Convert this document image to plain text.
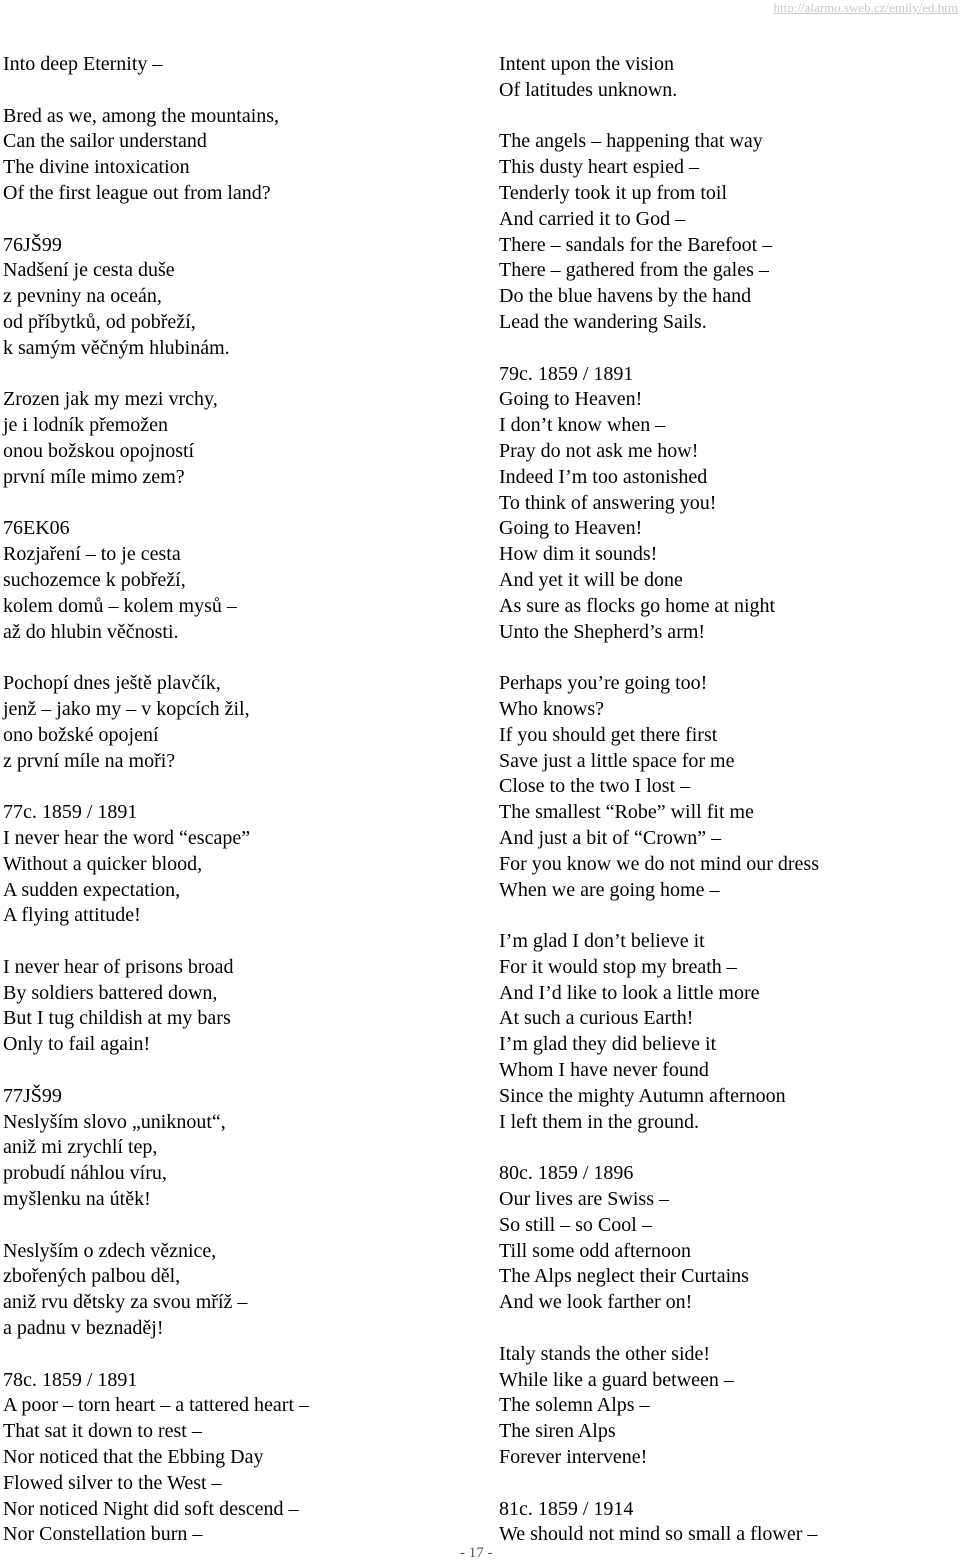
http://alarmo.sweb.cz/emily/ed.htm
Into deep Eternity –
Bred as we, among the mountains,
Can the sailor understand
The divine intoxication
Of the first league out from land?
76JŠ99
Nadšení je cesta duše
z pevniny na oceán,
od příbytků, od pobřeží,
k samým věčným hlubinám.
Zrozen jak my mezi vrchy,
je i lodník přemožen
onou božskou opojností
první míle mimo zem?
76EK06
Rozjaření – to je cesta
suchozemce k pobřeží,
kolem domů – kolem mysů –
až do hlubin věčnosti.
Pochopí dnes ještě plavčík,
jenž – jako my – v kopcích žil,
ono božské opojení
z první míle na moři?
77c. 1859 / 1891
I never hear the word “escape”
Without a quicker blood,
A sudden expectation,
A flying attitude!
I never hear of prisons broad
By soldiers battered down,
But I tug childish at my bars
Only to fail again!
77JŠ99
Neslyším slovo „uniknout“,
aniž mi zrychlí tep,
probudí náhlou víru,
myšlenku na útěk!
Neslyším o zdech věznice,
zbořených palbou děl,
aniž rvu dětsky za svou mříž –
a padnu v beznaděj!
78c. 1859 / 1891
A poor – torn heart – a tattered heart –
That sat it down to rest –
Nor noticed that the Ebbing Day
Flowed silver to the West –
Nor noticed Night did soft descend –
Nor Constellation burn –
Intent upon the vision
Of latitudes unknown.
The angels – happening that way
This dusty heart espied –
Tenderly took it up from toil
And carried it to God –
There – sandals for the Barefoot –
There – gathered from the gales –
Do the blue havens by the hand
Lead the wandering Sails.
79c. 1859 / 1891
Going to Heaven!
I don’t know when –
Pray do not ask me how!
Indeed I’m too astonished
To think of answering you!
Going to Heaven!
How dim it sounds!
And yet it will be done
As sure as flocks go home at night
Unto the Shepherd’s arm!
Perhaps you’re going too!
Who knows?
If you should get there first
Save just a little space for me
Close to the two I lost –
The smallest “Robe” will fit me
And just a bit of “Crown” –
For you know we do not mind our dress
When we are going home –
I’m glad I don’t believe it
For it would stop my breath –
And I’d like to look a little more
At such a curious Earth!
I’m glad they did believe it
Whom I have never found
Since the mighty Autumn afternoon
I left them in the ground.
80c. 1859 / 1896
Our lives are Swiss –
So still – so Cool –
Till some odd afternoon
The Alps neglect their Curtains
And we look farther on!
Italy stands the other side!
While like a guard between –
The solemn Alps –
The siren Alps
Forever intervene!
81c. 1859 / 1914
We should not mind so small a flower –
- 17 -
